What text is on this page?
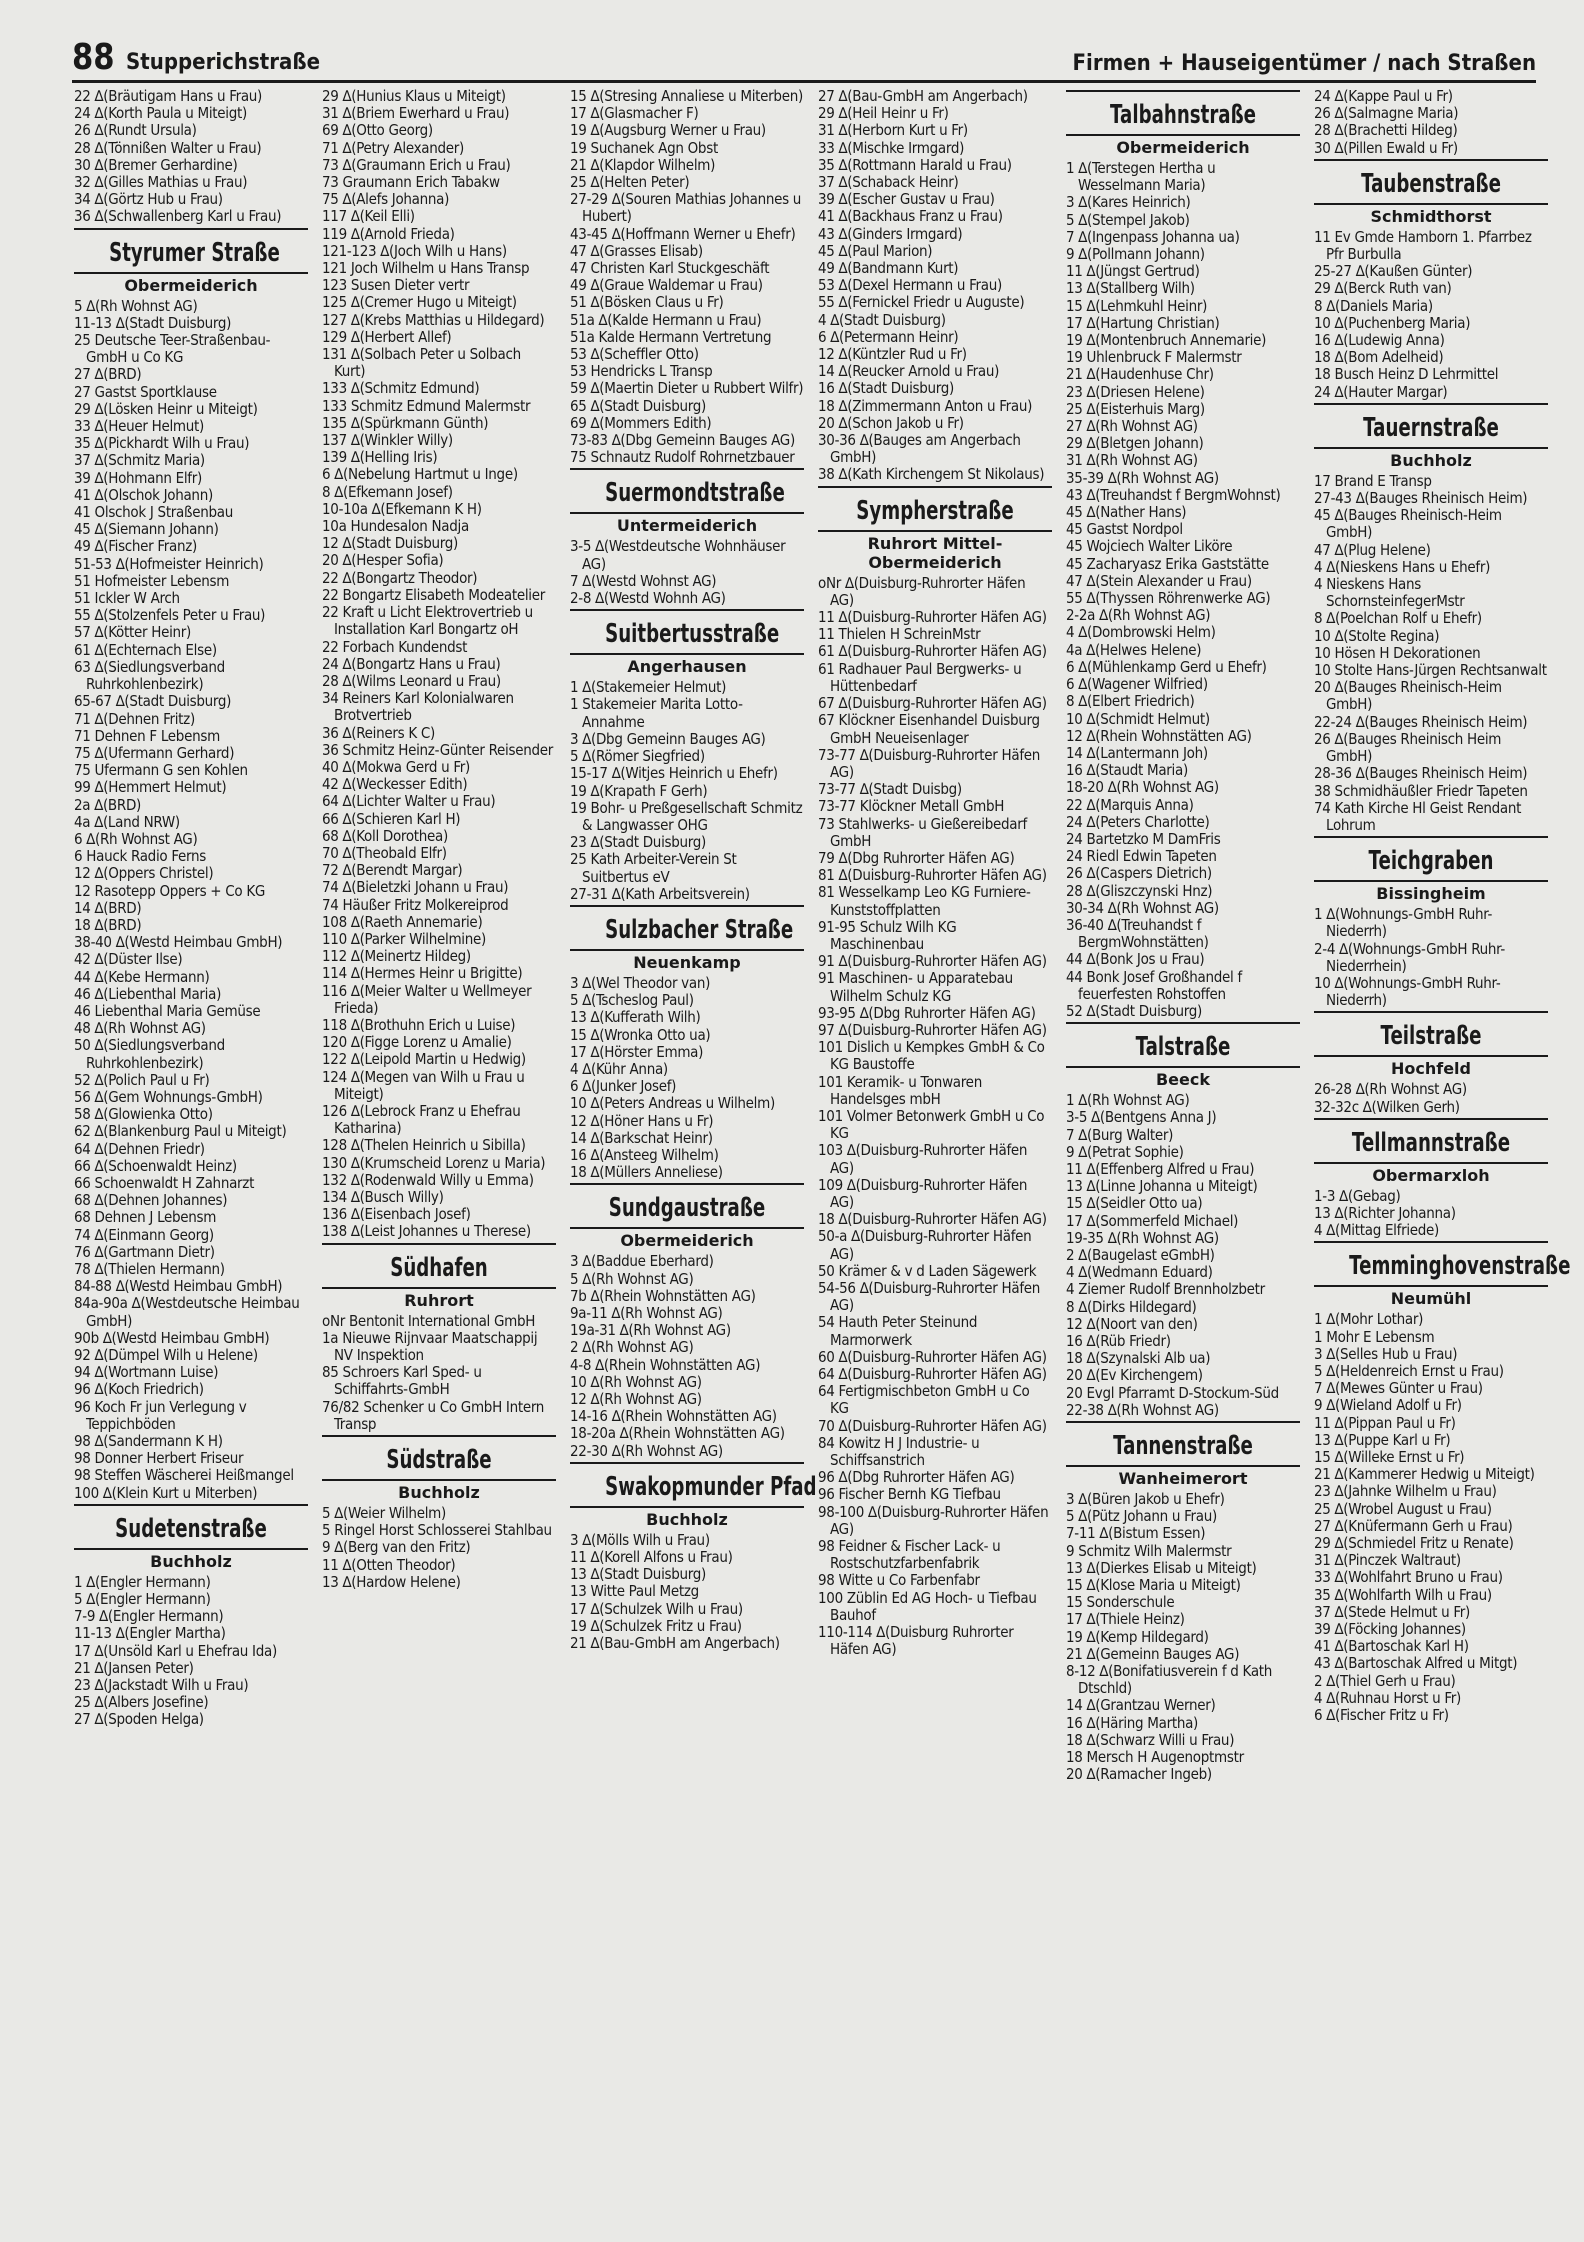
88 Stupperichstraße	Firmen + Hauseigentümer / nach Straßen
22 ∆(Bräutigam Hans u Frau)
24 ∆(Korth Paula u Miteigt)
26 ∆(Rundt Ursula)
28 ∆(Tönnißen Walter u Frau)
30 ∆(Bremer Gerhardine)
32 ∆(Gilles Mathias u Frau)
34 ∆(Görtz Hub u Frau)
36 ∆(Schwallenberg Karl u Frau)
Styrumer Straße
Obermeiderich
5 ∆(Rh Wohnst AG)
11-13 ∆(Stadt Duisburg)
25 Deutsche Teer-Straßenbau-GmbH u Co KG
27 ∆(BRD)
27 Gastst Sportklause
29 ∆(Lösken Heinr u Miteigt)
33 ∆(Heuer Helmut)
35 ∆(Pickhardt Wilh u Frau)
37 ∆(Schmitz Maria)
39 ∆(Hohmann Elfr)
41 ∆(Olschok Johann)
41 Olschok J Straßenbau
45 ∆(Siemann Johann)
49 ∆(Fischer Franz)
51-53 ∆(Hofmeister Heinrich)
51 Hofmeister Lebensm
51 Ickler W Arch
55 ∆(Stolzenfels Peter u Frau)
57 ∆(Kötter Heinr)
61 ∆(Echternach Else)
63 ∆(Siedlungsverband Ruhrkohlenbezirk)
65-67 ∆(Stadt Duisburg)
71 ∆(Dehnen Fritz)
71 Dehnen F Lebensm
75 ∆(Ufermann Gerhard)
75 Ufermann G sen Kohlen
99 ∆(Hemmert Helmut)
2a ∆(BRD)
4a ∆(Land NRW)
6 ∆(Rh Wohnst AG)
6 Hauck Radio Ferns
12 ∆(Oppers Christel)
12 Rasotepp Oppers + Co KG
14 ∆(BRD)
18 ∆(BRD)
38-40 ∆(Westd Heimbau GmbH)
42 ∆(Düster Ilse)
44 ∆(Kebe Hermann)
46 ∆(Liebenthal Maria)
46 Liebenthal Maria Gemüse
48 ∆(Rh Wohnst AG)
50 ∆(Siedlungsverband Ruhrkohlenbezirk)
52 ∆(Polich Paul u Fr)
56 ∆(Gem Wohnungs-GmbH)
58 ∆(Glowienka Otto)
62 ∆(Blankenburg Paul u Miteigt)
64 ∆(Dehnen Friedr)
66 ∆(Schoenwaldt Heinz)
66 Schoenwaldt H Zahnarzt
68 ∆(Dehnen Johannes)
68 Dehnen J Lebensm
74 ∆(Einmann Georg)
76 ∆(Gartmann Dietr)
78 ∆(Thielen Hermann)
84-88 ∆(Westd Heimbau GmbH)
84a-90a ∆(Westdeutsche Heimbau GmbH)
90b ∆(Westd Heimbau GmbH)
92 ∆(Dümpel Wilh u Helene)
94 ∆(Wortmann Luise)
96 ∆(Koch Friedrich)
96 Koch Fr jun Verlegung v Teppichböden
98 ∆(Sandermann K H)
98 Donner Herbert Friseur
98 Steffen Wäscherei Heißmangel
100 ∆(Klein Kurt u Miterben)
Sudetenstraße
Buchholz
1 ∆(Engler Hermann)
5 ∆(Engler Hermann)
7-9 ∆(Engler Hermann)
11-13 ∆(Engler Martha)
17 ∆(Unsöld Karl u Ehefrau Ida)
21 ∆(Jansen Peter)
23 ∆(Jackstadt Wilh u Frau)
25 ∆(Albers Josefine)
27 ∆(Spoden Helga)
29 ∆(Hunius Klaus u Miteigt)
31 ∆(Briem Ewerhard u Frau)
69 ∆(Otto Georg)
71 ∆(Petry Alexander)
73 ∆(Graumann Erich u Frau)
73 Graumann Erich Tabakw
75 ∆(Alefs Johanna)
117 ∆(Keil Elli)
119 ∆(Arnold Frieda)
121-123 ∆(Joch Wilh u Hans)
121 Joch Wilhelm u Hans Transp
123 Susen Dieter vertr
125 ∆(Cremer Hugo u Miteigt)
127 ∆(Krebs Matthias u Hildegard)
129 ∆(Herbert Allef)
131 ∆(Solbach Peter u Solbach Kurt)
133 ∆(Schmitz Edmund)
133 Schmitz Edmund Malermstr
135 ∆(Spürkmann Günth)
137 ∆(Winkler Willy)
139 ∆(Helling Iris)
6 ∆(Nebelung Hartmut u Inge)
8 ∆(Efkemann Josef)
10-10a ∆(Efkemann K H)
10a Hundesalon Nadja
12 ∆(Stadt Duisburg)
20 ∆(Hesper Sofia)
22 ∆(Bongartz Theodor)
22 Bongartz Elisabeth Modeatelier
22 Kraft u Licht Elektrovertrieb u Installation Karl Bongartz oH
22 Forbach Kundendst
24 ∆(Bongartz Hans u Frau)
28 ∆(Wilms Leonard u Frau)
34 Reiners Karl Kolonialwaren Brotvertrieb
36 ∆(Reiners K C)
36 Schmitz Heinz-Günter Reisender
40 ∆(Mokwa Gerd u Fr)
42 ∆(Weckesser Edith)
64 ∆(Lichter Walter u Frau)
66 ∆(Schieren Karl H)
68 ∆(Koll Dorothea)
70 ∆(Theobald Elfr)
72 ∆(Berendt Margar)
74 ∆(Bieletzki Johann u Frau)
74 Häußer Fritz Molkereiprod
108 ∆(Raeth Annemarie)
110 ∆(Parker Wilhelmine)
112 ∆(Meinertz Hildeg)
114 ∆(Hermes Heinr u Brigitte)
116 ∆(Meier Walter u Wellmeyer Frieda)
118 ∆(Brothuhn Erich u Luise)
120 ∆(Figge Lorenz u Amalie)
122 ∆(Leipold Martin u Hedwig)
124 ∆(Megen van Wilh u Frau u Miteigt)
126 ∆(Lebrock Franz u Ehefrau Katharina)
128 ∆(Thelen Heinrich u Sibilla)
130 ∆(Krumscheid Lorenz u Maria)
132 ∆(Rodenwald Willy u Emma)
134 ∆(Busch Willy)
136 ∆(Eisenbach Josef)
138 ∆(Leist Johannes u Therese)
Südhafen
Ruhrort
oNr Bentonit International GmbH
1a Nieuwe Rijnvaar Maatschappij NV Inspektion
85 Schroers Karl Sped- u Schiffahrts-GmbH
76/82 Schenker u Co GmbH Intern Transp
Südstraße
Buchholz
5 ∆(Weier Wilhelm)
5 Ringel Horst Schlosserei Stahlbau
9 ∆(Berg van den Fritz)
11 ∆(Otten Theodor)
13 ∆(Hardow Helene)
15 ∆(Stresing Annaliese u Miterben)
17 ∆(Glasmacher F)
19 ∆(Augsburg Werner u Frau)
19 Suchanek Agn Obst
21 ∆(Klapdor Wilhelm)
25 ∆(Helten Peter)
27-29 ∆(Souren Mathias Johannes u Hubert)
43-45 ∆(Hoffmann Werner u Ehefr)
47 ∆(Grasses Elisab)
47 Christen Karl Stuckgeschäft
49 ∆(Graue Waldemar u Frau)
51 ∆(Bösken Claus u Fr)
51a ∆(Kalde Hermann u Frau)
51a Kalde Hermann Vertretung
53 ∆(Scheffler Otto)
53 Hendricks L Transp
59 ∆(Maertin Dieter u Rubbert Wilfr)
65 ∆(Stadt Duisburg)
69 ∆(Mommers Edith)
73-83 ∆(Dbg Gemeinn Bauges AG)
75 Schnautz Rudolf Rohrnetzbauer
Suermondtstraße
Untermeiderich
3-5 ∆(Westdeutsche Wohnhäuser AG)
7 ∆(Westd Wohnst AG)
2-8 ∆(Westd Wohnh AG)
Suitbertusstraße
Angerhausen
1 ∆(Stakemeier Helmut)
1 Stakemeier Marita Lotto-Annahme
3 ∆(Dbg Gemeinn Bauges AG)
5 ∆(Römer Siegfried)
15-17 ∆(Witjes Heinrich u Ehefr)
19 ∆(Krapath F Gerh)
19 Bohr- u Preßgesellschaft Schmitz & Langwasser OHG
23 ∆(Stadt Duisburg)
25 Kath Arbeiter-Verein St Suitbertus eV
27-31 ∆(Kath Arbeitsverein)
Sulzbacher Straße
Neuenkamp
3 ∆(Wel Theodor van)
5 ∆(Tscheslog Paul)
13 ∆(Kufferath Wilh)
15 ∆(Wronka Otto ua)
17 ∆(Hörster Emma)
4 ∆(Kühr Anna)
6 ∆(Junker Josef)
10 ∆(Peters Andreas u Wilhelm)
12 ∆(Höner Hans u Fr)
14 ∆(Barkschat Heinr)
16 ∆(Ansteeg Wilhelm)
18 ∆(Müllers Anneliese)
Sundgaustraße
Obermeiderich
3 ∆(Baddue Eberhard)
5 ∆(Rh Wohnst AG)
7b ∆(Rhein Wohnstätten AG)
9a-11 ∆(Rh Wohnst AG)
19a-31 ∆(Rh Wohnst AG)
2 ∆(Rh Wohnst AG)
4-8 ∆(Rhein Wohnstätten AG)
10 ∆(Rh Wohnst AG)
12 ∆(Rh Wohnst AG)
14-16 ∆(Rhein Wohnstätten AG)
18-20a ∆(Rhein Wohnstätten AG)
22-30 ∆(Rh Wohnst AG)
Swakopmunder Pfad
Buchholz
3 ∆(Mölls Wilh u Frau)
11 ∆(Korell Alfons u Frau)
13 ∆(Stadt Duisburg)
13 Witte Paul Metzg
17 ∆(Schulzek Wilh u Frau)
19 ∆(Schulzek Fritz u Frau)
21 ∆(Bau-GmbH am Angerbach)
27 ∆(Bau-GmbH am Angerbach)
29 ∆(Heil Heinr u Fr)
31 ∆(Herborn Kurt u Fr)
33 ∆(Mischke Irmgard)
35 ∆(Rottmann Harald u Frau)
37 ∆(Schaback Heinr)
39 ∆(Escher Gustav u Frau)
41 ∆(Backhaus Franz u Frau)
43 ∆(Ginders Irmgard)
45 ∆(Paul Marion)
49 ∆(Bandmann Kurt)
53 ∆(Dexel Hermann u Frau)
55 ∆(Fernickel Friedr u Auguste)
4 ∆(Stadt Duisburg)
6 ∆(Petermann Heinr)
12 ∆(Küntzler Rud u Fr)
14 ∆(Reucker Arnold u Frau)
16 ∆(Stadt Duisburg)
18 ∆(Zimmermann Anton u Frau)
20 ∆(Schon Jakob u Fr)
30-36 ∆(Bauges am Angerbach GmbH)
38 ∆(Kath Kirchengem St Nikolaus)
Sympherstraße
Ruhrort Mittel-Obermeiderich
oNr ∆(Duisburg-Ruhrorter Häfen AG)
11 ∆(Duisburg-Ruhrorter Häfen AG)
11 Thielen H SchreinMstr
61 ∆(Duisburg-Ruhrorter Häfen AG)
61 Radhauer Paul Bergwerks- u Hüttenbedarf
67 ∆(Duisburg-Ruhrorter Häfen AG)
67 Klöckner Eisenhandel Duisburg GmbH Neueisenlager
73-77 ∆(Duisburg-Ruhrorter Häfen AG)
73-77 ∆(Stadt Duisbg)
73-77 Klöckner Metall GmbH
73 Stahlwerks- u Gießereibedarf GmbH
79 ∆(Dbg Ruhrorter Häfen AG)
81 ∆(Duisburg-Ruhrorter Häfen AG)
81 Wesselkamp Leo KG Furniere-Kunststoffplatten
91-95 Schulz Wilh KG Maschinenbau
91 ∆(Duisburg-Ruhrorter Häfen AG)
91 Maschinen- u Apparatebau Wilhelm Schulz KG
93-95 ∆(Dbg Ruhrorter Häfen AG)
97 ∆(Duisburg-Ruhrorter Häfen AG)
101 Dislich u Kempkes GmbH & Co KG Baustoffe
101 Keramik- u Tonwaren Handelsges mbH
101 Volmer Betonwerk GmbH u Co KG
103 ∆(Duisburg-Ruhrorter Häfen AG)
109 ∆(Duisburg-Ruhrorter Häfen AG)
18 ∆(Duisburg-Ruhrorter Häfen AG)
50-a ∆(Duisburg-Ruhrorter Häfen AG)
50 Krämer & v d Laden Sägewerk
54-56 ∆(Duisburg-Ruhrorter Häfen AG)
54 Hauth Peter Steinund Marmorwerk
60 ∆(Duisburg-Ruhrorter Häfen AG)
64 ∆(Duisburg-Ruhrorter Häfen AG)
64 Fertigmischbeton GmbH u Co KG
70 ∆(Duisburg-Ruhrorter Häfen AG)
84 Kowitz H J Industrie- u Schiffsanstrich
96 ∆(Dbg Ruhrorter Häfen AG)
96 Fischer Bernh KG Tiefbau
98-100 ∆(Duisburg-Ruhrorter Häfen AG)
98 Feidner & Fischer Lack- u Rostschutzfarbenfabrik
98 Witte u Co Farbenfabr
100 Züblin Ed AG Hoch- u Tiefbau Bauhof
110-114 ∆(Duisburg Ruhrorter Häfen AG)
Talbahnstraße
Obermeiderich
1 ∆(Terstegen Hertha u Wesselmann Maria)
3 ∆(Kares Heinrich)
5 ∆(Stempel Jakob)
7 ∆(Ingenpass Johanna ua)
9 ∆(Pollmann Johann)
11 ∆(Jüngst Gertrud)
13 ∆(Stallberg Wilh)
15 ∆(Lehmkuhl Heinr)
17 ∆(Hartung Christian)
19 ∆(Montenbruch Annemarie)
19 Uhlenbruck F Malermstr
21 ∆(Haudenhuse Chr)
23 ∆(Driesen Helene)
25 ∆(Eisterhuis Marg)
27 ∆(Rh Wohnst AG)
29 ∆(Bletgen Johann)
31 ∆(Rh Wohnst AG)
35-39 ∆(Rh Wohnst AG)
43 ∆(Treuhandst f BergmWohnst)
45 ∆(Nather Hans)
45 Gastst Nordpol
45 Wojciech Walter Liköre
45 Zacharyasz Erika Gaststätte
47 ∆(Stein Alexander u Frau)
55 ∆(Thyssen Röhrenwerke AG)
2-2a ∆(Rh Wohnst AG)
4 ∆(Dombrowski Helm)
4a ∆(Helwes Helene)
6 ∆(Mühlenkamp Gerd u Ehefr)
6 ∆(Wagener Wilfried)
8 ∆(Elbert Friedrich)
10 ∆(Schmidt Helmut)
12 ∆(Rhein Wohnstätten AG)
14 ∆(Lantermann Joh)
16 ∆(Staudt Maria)
18-20 ∆(Rh Wohnst AG)
22 ∆(Marquis Anna)
24 ∆(Peters Charlotte)
24 Bartetzko M DamFris
24 Riedl Edwin Tapeten
26 ∆(Caspers Dietrich)
28 ∆(Gliszczynski Hnz)
30-34 ∆(Rh Wohnst AG)
36-40 ∆(Treuhandst f BergmWohnstätten)
44 ∆(Bonk Jos u Frau)
44 Bonk Josef Großhandel f feuerfesten Rohstoffen
52 ∆(Stadt Duisburg)
Talstraße
Beeck
1 ∆(Rh Wohnst AG)
3-5 ∆(Bentgens Anna J)
7 ∆(Burg Walter)
9 ∆(Petrat Sophie)
11 ∆(Effenberg Alfred u Frau)
13 ∆(Linne Johanna u Miteigt)
15 ∆(Seidler Otto ua)
17 ∆(Sommerfeld Michael)
19-35 ∆(Rh Wohnst AG)
2 ∆(Baugelast eGmbH)
4 ∆(Wedmann Eduard)
4 Ziemer Rudolf Brennholzbetr
8 ∆(Dirks Hildegard)
12 ∆(Noort van den)
16 ∆(Rüb Friedr)
18 ∆(Szynalski Alb ua)
20 ∆(Ev Kirchengem)
20 Evgl Pfarramt D-Stockum-Süd
22-38 ∆(Rh Wohnst AG)
Tannenstraße
Wanheimerort
3 ∆(Büren Jakob u Ehefr)
5 ∆(Pütz Johann u Frau)
7-11 ∆(Bistum Essen)
9 Schmitz Wilh Malermstr
13 ∆(Dierkes Elisab u Miteigt)
15 ∆(Klose Maria u Miteigt)
15 Sonderschule
17 ∆(Thiele Heinz)
19 ∆(Kemp Hildegard)
21 ∆(Gemeinn Bauges AG)
8-12 ∆(Bonifatiusverein f d Kath Dtschld)
14 ∆(Grantzau Werner)
16 ∆(Häring Martha)
18 ∆(Schwarz Willi u Frau)
18 Mersch H Augenoptmstr
20 ∆(Ramacher Ingeb)
24 ∆(Kappe Paul u Fr)
26 ∆(Salmagne Maria)
28 ∆(Brachetti Hildeg)
30 ∆(Pillen Ewald u Fr)
Taubenstraße
Schmidthorst
11 Ev Gmde Hamborn 1. Pfarrbez Pfr Burbulla
25-27 ∆(Kaußen Günter)
29 ∆(Berck Ruth van)
8 ∆(Daniels Maria)
10 ∆(Puchenberg Maria)
16 ∆(Ludewig Anna)
18 ∆(Bom Adelheid)
18 Busch Heinz D Lehrmittel
24 ∆(Hauter Margar)
Tauernstraße
Buchholz
17 Brand E Transp
27-43 ∆(Bauges Rheinisch Heim)
45 ∆(Bauges Rheinisch-Heim GmbH)
47 ∆(Plug Helene)
4 ∆(Nieskens Hans u Ehefr)
4 Nieskens Hans SchornsteinfegerMstr
8 ∆(Poelchan Rolf u Ehefr)
10 ∆(Stolte Regina)
10 Hösen H Dekorationen
10 Stolte Hans-Jürgen Rechtsanwalt
20 ∆(Bauges Rheinisch-Heim GmbH)
22-24 ∆(Bauges Rheinisch Heim)
26 ∆(Bauges Rheinisch Heim GmbH)
28-36 ∆(Bauges Rheinisch Heim)
38 Schmidhäußler Friedr Tapeten
74 Kath Kirche Hl Geist Rendant Lohrum
Teichgraben
Bissingheim
1 ∆(Wohnungs-GmbH Ruhr-Niederrh)
2-4 ∆(Wohnungs-GmbH Ruhr-Niederrhein)
10 ∆(Wohnungs-GmbH Ruhr-Niederrh)
Teilstraße
Hochfeld
26-28 ∆(Rh Wohnst AG)
32-32c ∆(Wilken Gerh)
Tellmannstraße
Obermarxloh
1-3 ∆(Gebag)
13 ∆(Richter Johanna)
4 ∆(Mittag Elfriede)
Temminghovenstraße
Neumühl
1 ∆(Mohr Lothar)
1 Mohr E Lebensm
3 ∆(Selles Hub u Frau)
5 ∆(Heldenreich Ernst u Frau)
7 ∆(Mewes Günter u Frau)
9 ∆(Wieland Adolf u Fr)
11 ∆(Pippan Paul u Fr)
13 ∆(Puppe Karl u Fr)
15 ∆(Willeke Ernst u Fr)
21 ∆(Kammerer Hedwig u Miteigt)
23 ∆(Jahnke Wilhelm u Frau)
25 ∆(Wrobel August u Frau)
27 ∆(Knüfermann Gerh u Frau)
29 ∆(Schmiedel Fritz u Renate)
31 ∆(Pinczek Waltraut)
33 ∆(Wohlfahrt Bruno u Frau)
35 ∆(Wohlfarth Wilh u Frau)
37 ∆(Stede Helmut u Fr)
39 ∆(Föcking Johannes)
41 ∆(Bartoschak Karl H)
43 ∆(Bartoschak Alfred u Mitgt)
2 ∆(Thiel Gerh u Frau)
4 ∆(Ruhnau Horst u Fr)
6 ∆(Fischer Fritz u Fr)
